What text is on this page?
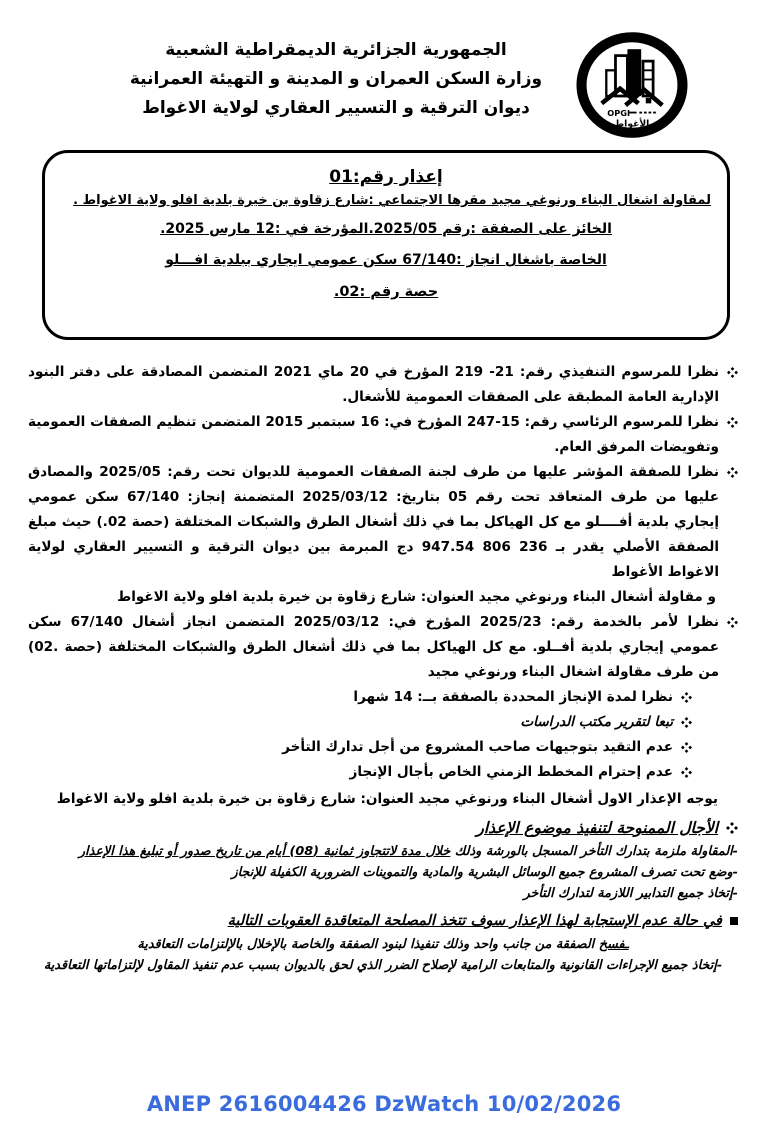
الجمهورية الجزائرية الديمقراطية الشعبية
وزارة السكن العمران و المدينة و التهيئة العمرانية
ديوان الترقية و التسيير العقاري لولاية الاغواط	OPGI
الأغواط
إعذار رقم:01
لمقاولة اشغال البناء ورنوغي مجيد مقرها الاجتماعي :شارع زقاوة بن خيرة بلدية افلو ولاية الاغواط .
الخائز على الصفقة :رقم 2025/05.المؤرخة في :12 مارس 2025.
الخاصة باشغال انجاز :67/140 سكن عمومي ايجاري ببلدية افـــلو
حصة رقم :02.
نظرا للمرسوم التنفيذي رقم: 21- 219 المؤرخ في 20 ماي 2021 المتضمن المصادقة على دفتر البنود الإدارية العامة المطبقة على الصفقات العمومية للأشغال.
نظرا للمرسوم الرئاسي رقم: 15-247 المؤرخ في: 16 سبتمبر 2015 المتضمن تنظيم الصفقات العمومية وتفويضات المرفق العام.
نظرا للصفقة المؤشر عليها من طرف لجنة الصفقات العمومية للديوان تحت رقم: 2025/05 والمصادق عليها من طرف المتعاقد تحت رقم 05 بتاريخ: 2025/03/12 المتضمنة إنجاز: 67/140 سكن عمومي إيجاري بلدية أفــــلو مع كل الهياكل بما في ذلك أشغال الطرق والشبكات المختلفة (حصة 02.) حيث مبلغ الصفقة الأصلي يقدر بـ 236 806 947.54 دج المبرمة بين ديوان الترقية و التسيير العقاري لولاية الاغواط الأغواط
و مقاولة أشغال البناء ورنوغي مجيد العنوان: شارع زقاوة بن خيرة بلدية افلو ولاية الاغواط
نظرا لأمر بالخدمة رقم: 2025/23 المؤرخ في: 2025/03/12 المتضمن انجاز أشغال 67/140 سكن عمومي إيجاري بلدية أفــلو. مع كل الهياكل بما في ذلك أشغال الطرق والشبكات المختلفة (حصة .02) من طرف مقاولة اشغال البناء ورنوغي مجيد
نظرا لمدة الإنجاز المحددة بالصفقة بــ: 14 شهرا
تبعا لتقرير مكتب الدراسات
عدم التقيد بتوجيهات صاحب المشروع من أجل تدارك التأخر
عدم إحترام المخطط الزمني الخاص بأجال الإنجاز
يوجه الإعذار الاول أشغال البناء ورنوغي مجيد العنوان: شارع زقاوة بن خيرة بلدية افلو ولاية الاغواط
الأجال الممنوحة لتنفيذ موضوع الإعذار
-المقاولة ملزمة بتدارك التأخر المسجل بالورشة وذلك خلال مدة لاتتجاوز ثمانية (08) أيام من تاريخ صدور أو تبليغ هذا الإعذار
-وضع تحت تصرف المشروع جميع الوسائل البشرية والمادية والتموينات الضرورية الكفيلة للإنجاز
-إتخاذ جميع التدابير اللازمة لتدارك التأخر
في حالة عدم الإستجابة لهذا الإعذار سوف تتخذ المصلحة المتعاقدة العقوبات التالية
ـفسخ الصفقة من جانب واحد وذلك تنفيذا لبنود الصفقة والخاصة بالإخلال بالإلتزامات التعاقدية
-إتخاذ جميع الإجراءات القانونية والمتابعات الرامية لإصلاح الضرر الذي لحق بالديوان بسبب عدم تنفيذ المقاول لإلتزاماتها التعاقدية
ANEP 2616004426 DzWatch 10/02/2026
